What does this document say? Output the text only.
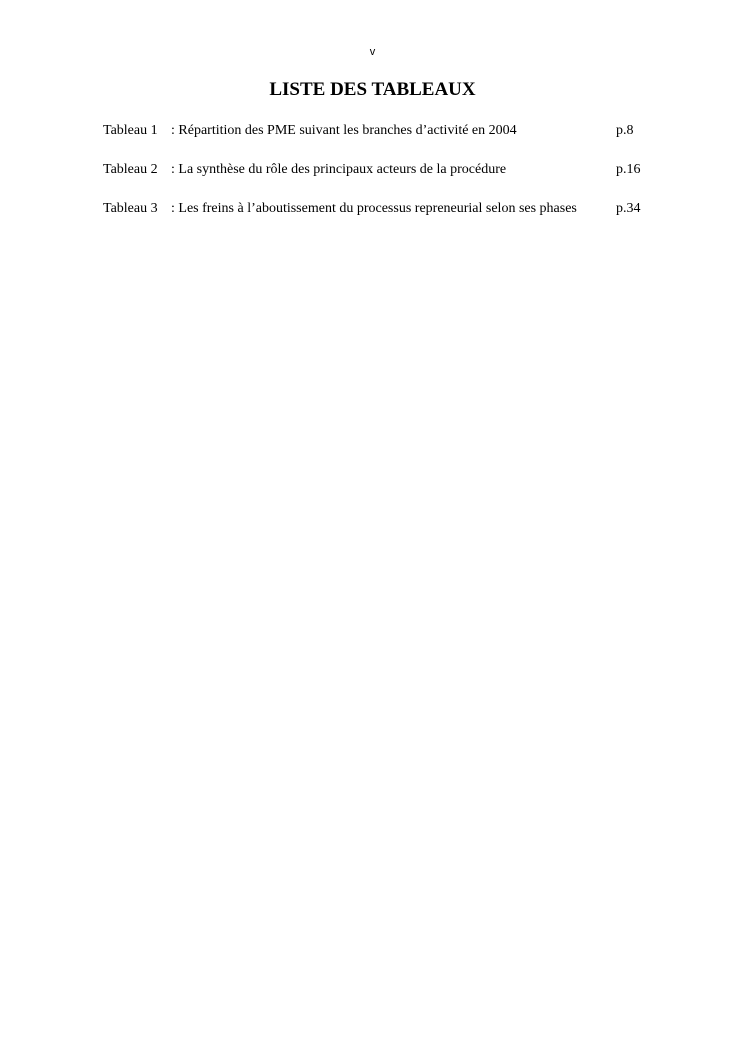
v
LISTE DES TABLEAUX
Tableau 1 : Répartition des PME suivant les branches d’activité en 2004	p.8
Tableau 2 : La synthèse du rôle des principaux acteurs de la procédure	p.16
Tableau 3 : Les freins à l’aboutissement du processus repreneurial selon ses phases	p.34
